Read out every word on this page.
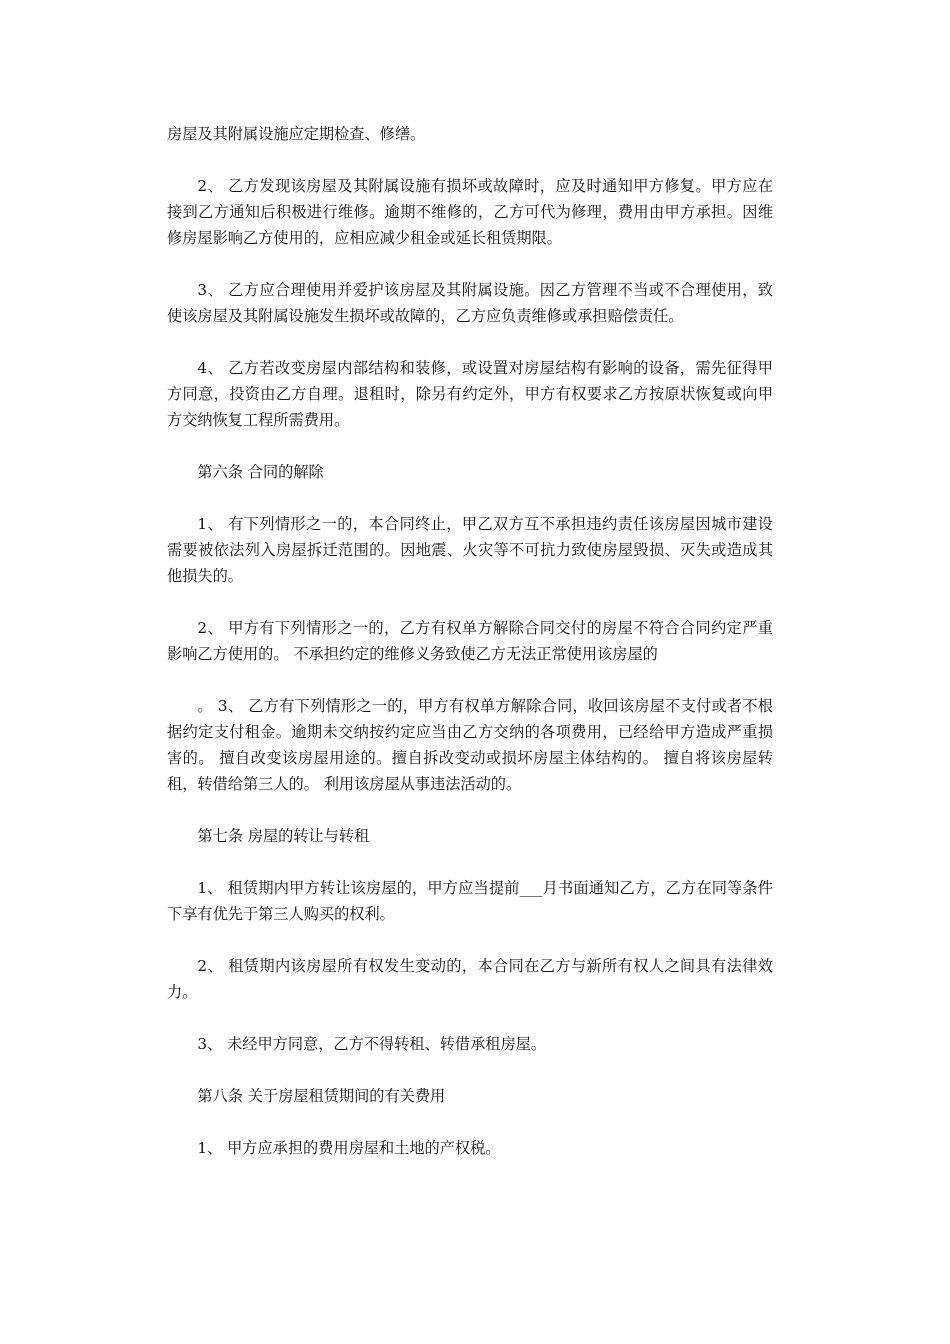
房屋及其附属设施应定期检查、修缮。

2、 乙方发现该房屋及其附属设施有损坏或故障时，应及时通知甲方修复。甲方应在接到乙方通知后积极进行维修。逾期不维修的，乙方可代为修理，费用由甲方承担。因维修房屋影响乙方使用的，应相应减少租金或延长租赁期限。

3、 乙方应合理使用并爱护该房屋及其附属设施。因乙方管理不当或不合理使用，致使该房屋及其附属设施发生损坏或故障的，乙方应负责维修或承担赔偿责任。

4、 乙方若改变房屋内部结构和装修，或设置对房屋结构有影响的设备，需先征得甲方同意，投资由乙方自理。退租时，除另有约定外，甲方有权要求乙方按原状恢复或向甲方交纳恢复工程所需费用。

第六条 合同的解除

1、 有下列情形之一的，本合同终止，甲乙双方互不承担违约责任该房屋因城市建设需要被依法列入房屋拆迁范围的。因地震、火灾等不可抗力致使房屋毁损、灭失或造成其他损失的。

2、 甲方有下列情形之一的，乙方有权单方解除合同交付的房屋不符合合同约定严重影响乙方使用的。 不承担约定的维修义务致使乙方无法正常使用该房屋的

。 3、 乙方有下列情形之一的，甲方有权单方解除合同，收回该房屋不支付或者不根据约定支付租金。逾期未交纳按约定应当由乙方交纳的各项费用，已经给甲方造成严重损害的。 擅自改变该房屋用途的。擅自拆改变动或损坏房屋主体结构的。 擅自将该房屋转租，转借给第三人的。 利用该房屋从事违法活动的。

第七条 房屋的转让与转租

1、 租赁期内甲方转让该房屋的，甲方应当提前___月书面通知乙方，乙方在同等条件下享有优先于第三人购买的权利。

2、 租赁期内该房屋所有权发生变动的，本合同在乙方与新所有权人之间具有法律效力。

3、 未经甲方同意，乙方不得转租、转借承租房屋。

第八条 关于房屋租赁期间的有关费用

1、 甲方应承担的费用房屋和土地的产权税。
